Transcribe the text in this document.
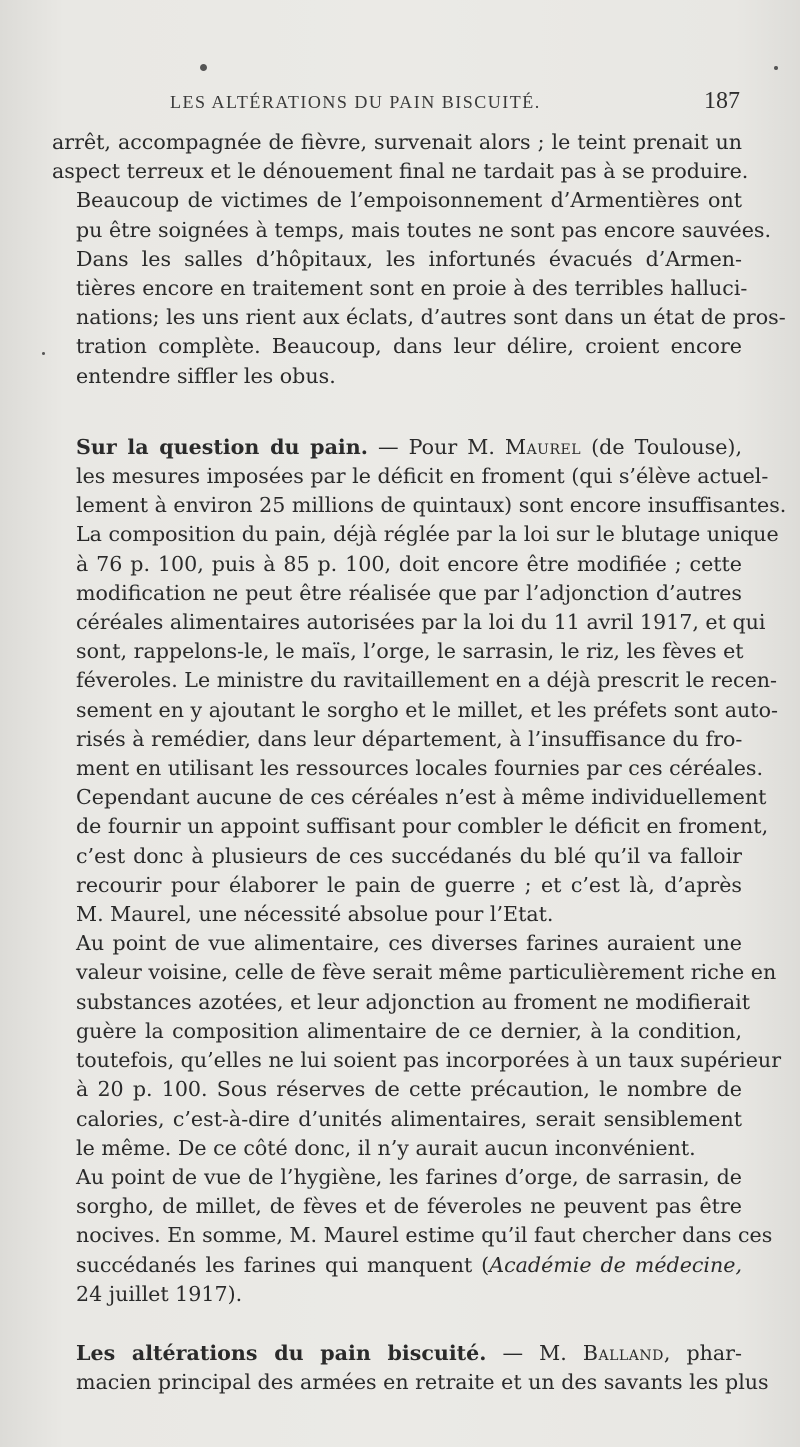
LES ALTÉRATIONS DU PAIN BISCUITÉ.	187

arrêt, accompagnée de fièvre, survenait alors ; le teint prenait un
aspect terreux et le dénouement final ne tardait pas à se produire.

Beaucoup de victimes de l’empoisonnement d’Armentières ont
pu être soignées à temps, mais toutes ne sont pas encore sauvées.

Dans les salles d’hôpitaux, les infortunés évacués d’Armen-
tières encore en traitement sont en proie à des terribles halluci-
nations; les uns rient aux éclats, d’autres sont dans un état de pros-
tration complète. Beaucoup, dans leur délire, croient encore
entendre siffler les obus.

Sur la question du pain. — Pour M. Maurel (de Toulouse),
les mesures imposées par le déficit en froment (qui s’élève actuel-
lement à environ 25 millions de quintaux) sont encore insuffisantes.
La composition du pain, déjà réglée par la loi sur le blutage unique
à 76 p. 100, puis à 85 p. 100, doit encore être modifiée ; cette
modification ne peut être réalisée que par l’adjonction d’autres
céréales alimentaires autorisées par la loi du 11 avril 1917, et qui
sont, rappelons-le, le maïs, l’orge, le sarrasin, le riz, les fèves et
féveroles. Le ministre du ravitaillement en a déjà prescrit le recen-
sement en y ajoutant le sorgho et le millet, et les préfets sont auto-
risés à remédier, dans leur département, à l’insuffisance du fro-
ment en utilisant les ressources locales fournies par ces céréales.
Cependant aucune de ces céréales n’est à même individuellement
de fournir un appoint suffisant pour combler le déficit en froment,
c’est donc à plusieurs de ces succédanés du blé qu’il va falloir
recourir pour élaborer le pain de guerre ; et c’est là, d’après
M. Maurel, une nécessité absolue pour l’Etat.

Au point de vue alimentaire, ces diverses farines auraient une
valeur voisine, celle de fève serait même particulièrement riche en
substances azotées, et leur adjonction au froment ne modifierait
guère la composition alimentaire de ce dernier, à la condition,
toutefois, qu’elles ne lui soient pas incorporées à un taux supérieur
à 20 p. 100. Sous réserves de cette précaution, le nombre de
calories, c’est-à-dire d’unités alimentaires, serait sensiblement
le même. De ce côté donc, il n’y aurait aucun inconvénient.

Au point de vue de l’hygiène, les farines d’orge, de sarrasin, de
sorgho, de millet, de fèves et de féveroles ne peuvent pas être
nocives. En somme, M. Maurel estime qu’il faut chercher dans ces
succédanés les farines qui manquent (Académie de médecine,
24 juillet 1917).

Les altérations du pain biscuité. — M. Balland, phar-
macien principal des armées en retraite et un des savants les plus
